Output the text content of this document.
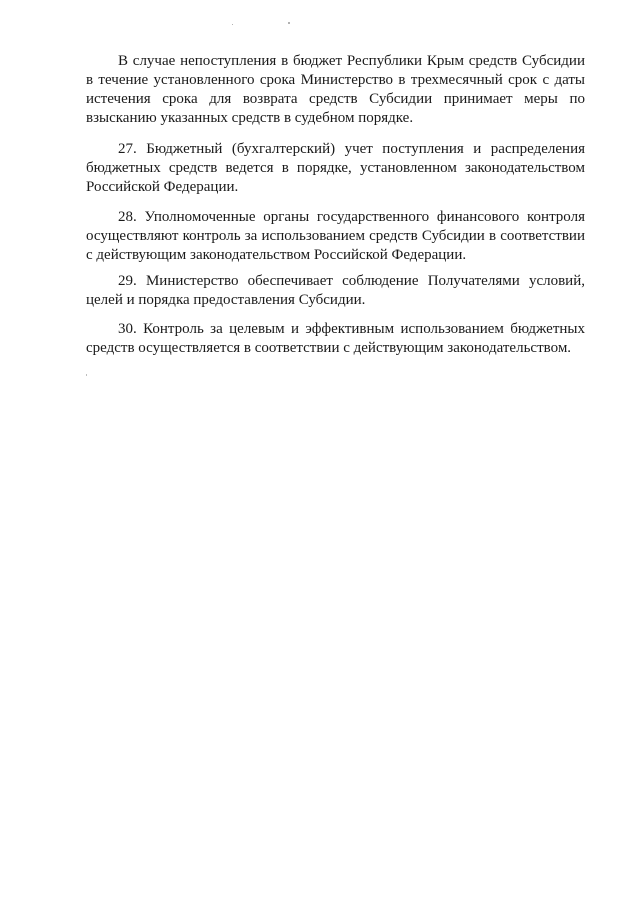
В случае непоступления в бюджет Республики Крым средств Субсидии в течение установленного срока Министерство в трехмесячный срок с даты истечения срока для возврата средств Субсидии принимает меры по взысканию указанных средств в судебном порядке.

27. Бюджетный (бухгалтерский) учет поступления и распределения бюджетных средств ведется в порядке, установленном законодательством Российской Федерации.

28. Уполномоченные органы государственного финансового контроля осуществляют контроль за использованием средств Субсидии в соответствии с действующим законодательством Российской Федерации.

29. Министерство обеспечивает соблюдение Получателями условий, целей и порядка предоставления Субсидии.

30. Контроль за целевым и эффективным использованием бюджетных средств осуществляется в соответствии с действующим законодательством.
